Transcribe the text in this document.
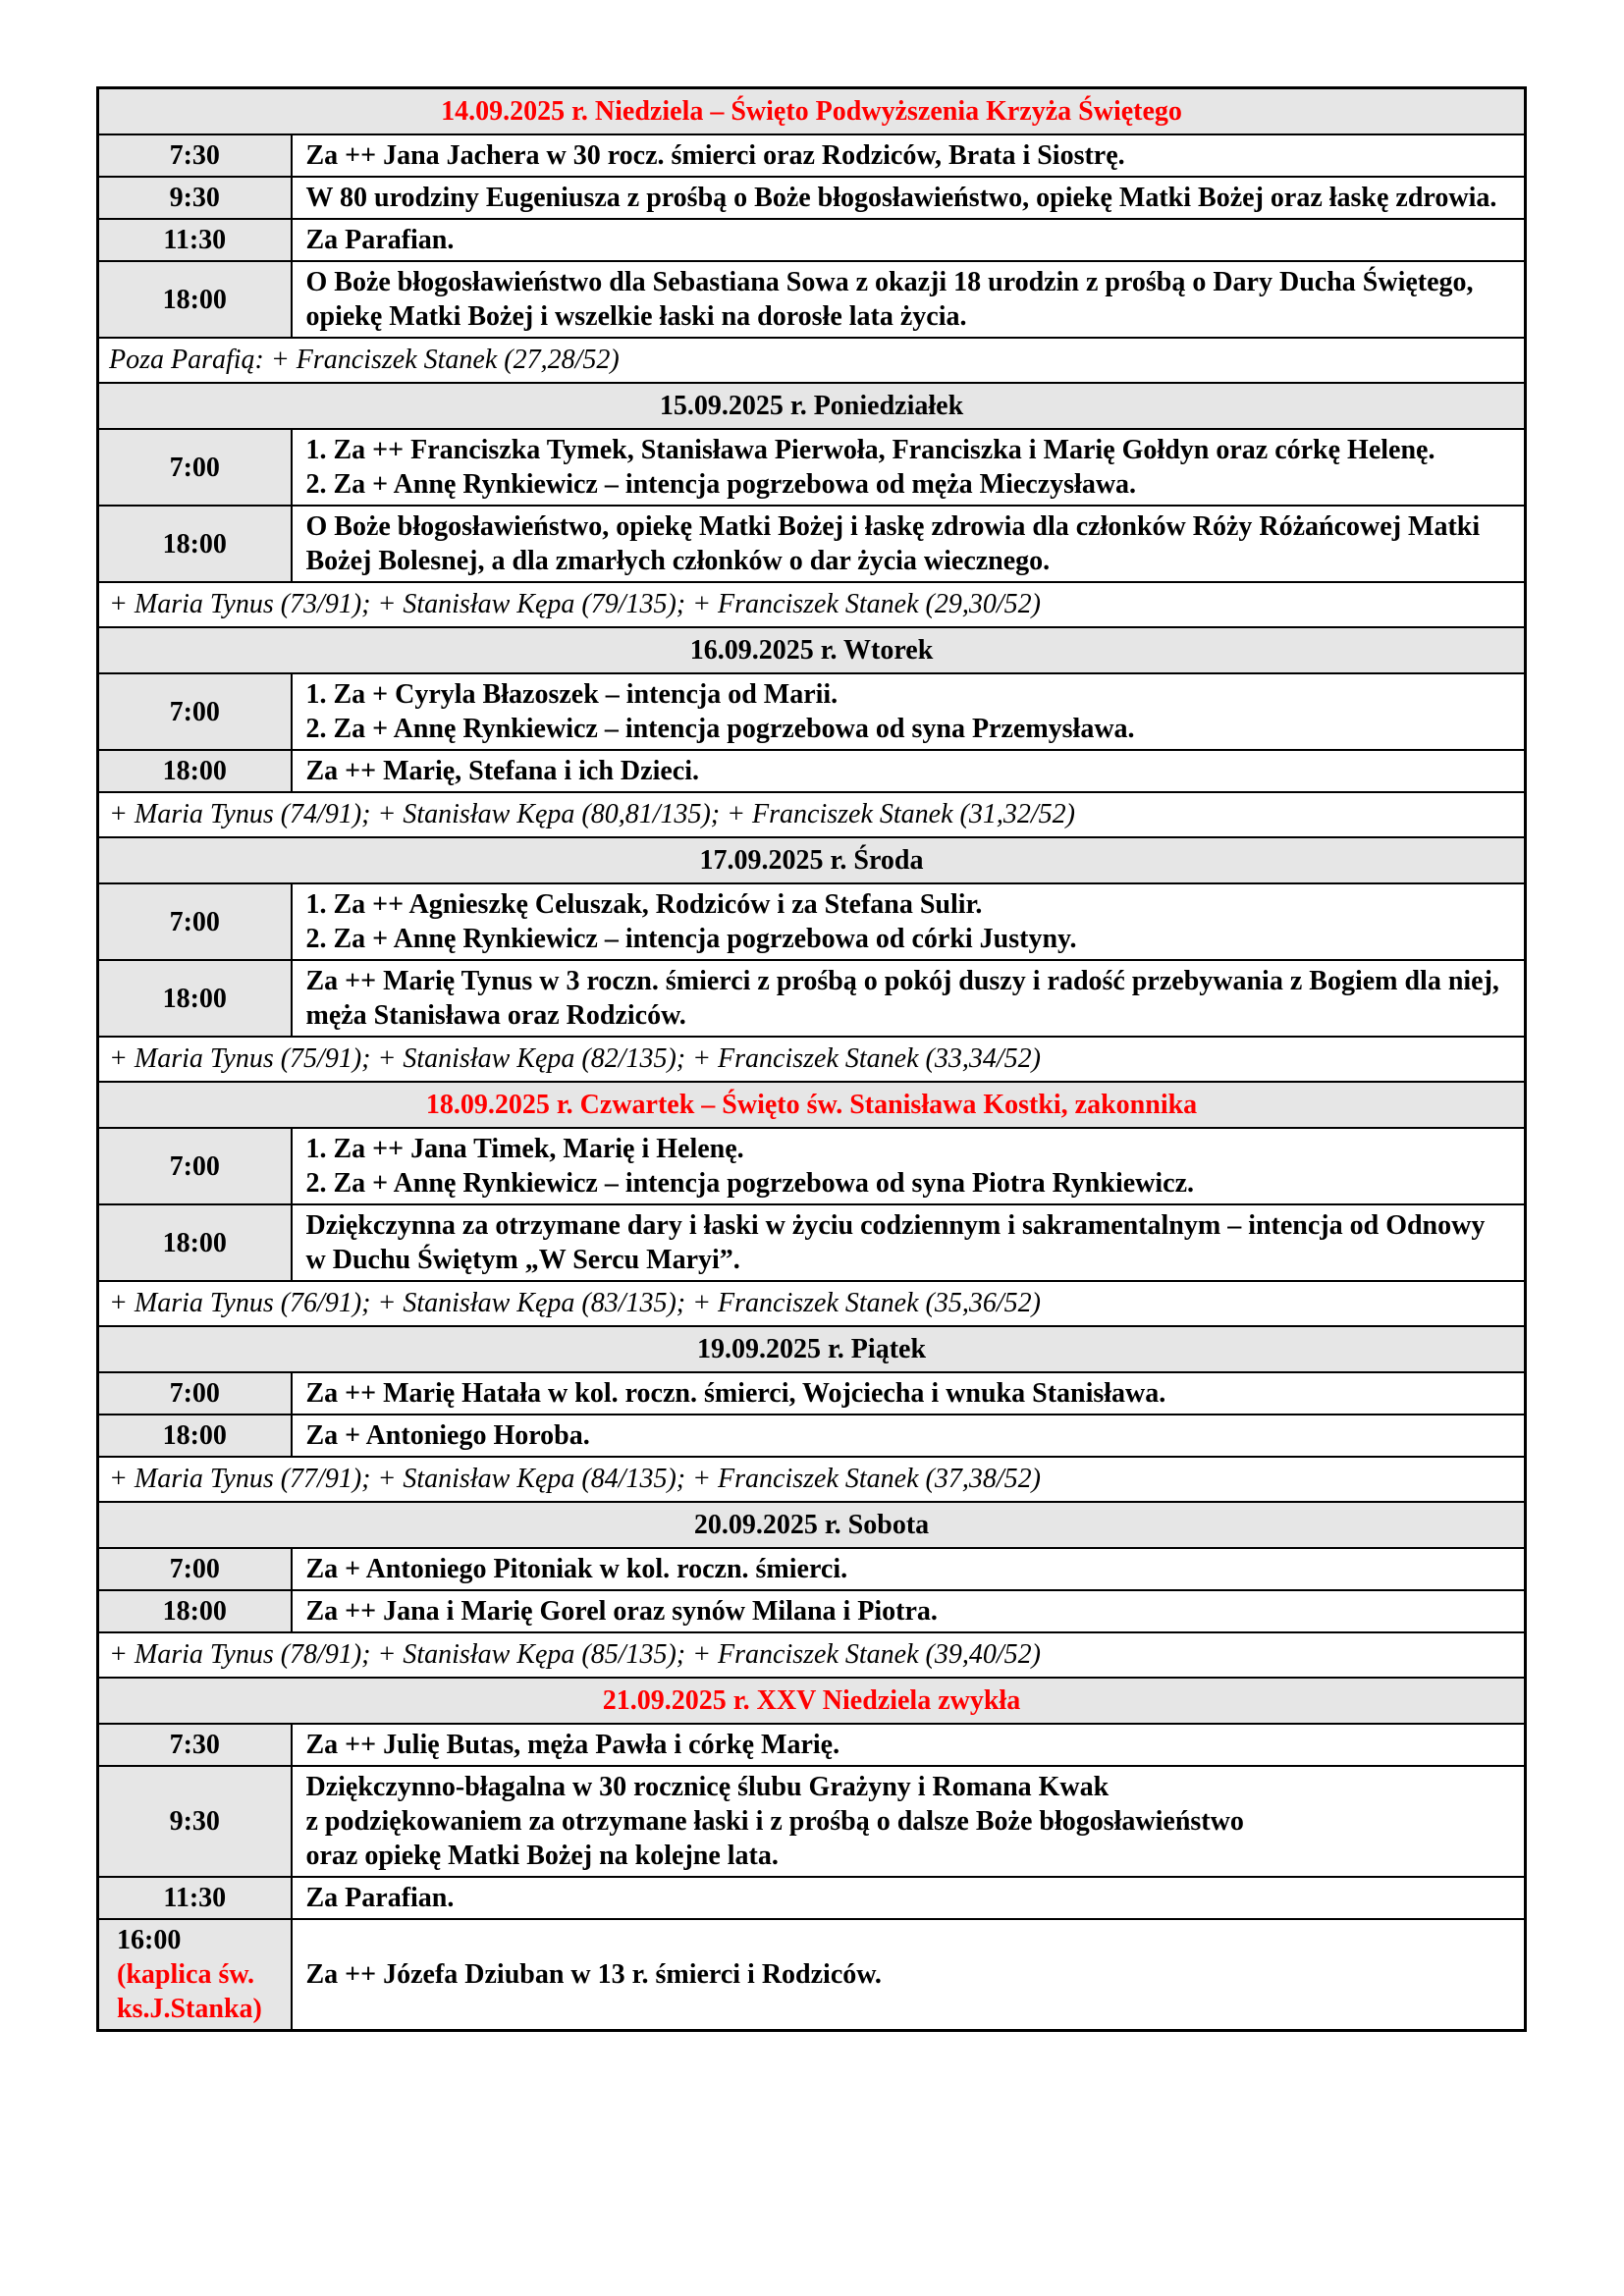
14.09.2025 r. Niedziela – Święto Podwyższenia Krzyża Świętego	

7:30	Za ++ Jana Jachera w 30 rocz. śmierci oraz Rodziców, Brata i Siostrę.

9:30	W 80 urodziny Eugeniusza z prośbą o Boże błogosławieństwo, opiekę Matki Bożej oraz łaskę zdrowia.

11:30	Za Parafian.

18:00	O Boże błogosławieństwo dla Sebastiana Sowa z okazji 18 urodzin z prośbą o Dary Ducha Świętego, opiekę Matki Bożej i wszelkie łaski na dorosłe lata życia.

Poza Parafią: + Franciszek Stanek (27,28/52)	
15.09.2025 r. Poniedziałek	

7:00	1. Za ++ Franciszka Tymek, Stanisława Pierwoła, Franciszka i Marię Gołdyn oraz córkę Helenę.
2. Za + Annę Rynkiewicz – intencja pogrzebowa od męża Mieczysława.

18:00	O Boże błogosławieństwo, opiekę Matki Bożej i łaskę zdrowia dla członków Róży Różańcowej Matki Bożej Bolesnej, a dla zmarłych członków o dar życia wiecznego.

+ Maria Tynus (73/91); + Stanisław Kępa (79/135); + Franciszek Stanek (29,30/52)	
16.09.2025 r. Wtorek	

7:00	1. Za + Cyryla Błazoszek – intencja od Marii.
2. Za + Annę Rynkiewicz – intencja pogrzebowa od syna Przemysława.

18:00	Za ++ Marię, Stefana i ich Dzieci.

+ Maria Tynus (74/91); + Stanisław Kępa (80,81/135); + Franciszek Stanek (31,32/52)	
17.09.2025 r. Środa	

7:00	1. Za ++ Agnieszkę Celuszak, Rodziców i za Stefana Sulir.
2. Za + Annę Rynkiewicz – intencja pogrzebowa od córki Justyny.

18:00	Za ++ Marię Tynus w 3 roczn. śmierci z prośbą o pokój duszy i radość przebywania z Bogiem dla niej, męża Stanisława oraz Rodziców.

+ Maria Tynus (75/91); + Stanisław Kępa (82/135); + Franciszek Stanek (33,34/52)	
18.09.2025 r. Czwartek – Święto św. Stanisława Kostki, zakonnika	

7:00	1. Za ++ Jana Timek, Marię i Helenę.
2. Za + Annę Rynkiewicz – intencja pogrzebowa od syna Piotra Rynkiewicz.

18:00	Dziękczynna za otrzymane dary i łaski w życiu codziennym i sakramentalnym – intencja od Odnowy w Duchu Świętym „W Sercu Maryi”.

+ Maria Tynus (76/91); + Stanisław Kępa (83/135); + Franciszek Stanek (35,36/52)	
19.09.2025 r. Piątek	

7:00	Za ++ Marię Hatała w kol. roczn. śmierci, Wojciecha i wnuka Stanisława.

18:00	Za + Antoniego Horoba.

+ Maria Tynus (77/91); + Stanisław Kępa (84/135); + Franciszek Stanek (37,38/52)	
20.09.2025 r. Sobota	

7:00	Za + Antoniego Pitoniak w kol. roczn. śmierci.

18:00	Za ++ Jana i Marię Gorel oraz synów Milana i Piotra.

+ Maria Tynus (78/91); + Stanisław Kępa (85/135); + Franciszek Stanek (39,40/52)	
21.09.2025 r. XXV Niedziela zwykła	

7:30	Za ++ Julię Butas, męża Pawła i córkę Marię.

9:30	Dziękczynno-błagalna w 30 rocznicę ślubu Grażyny i Romana Kwak
z podziękowaniem za otrzymane łaski i z prośbą o dalsze Boże błogosławieństwo
oraz opiekę Matki Bożej na kolejne lata.

11:30	Za Parafian.

16:00
(kaplica św. ks.J.Stanka)	Za ++ Józefa Dziuban w 13 r. śmierci i Rodziców.
